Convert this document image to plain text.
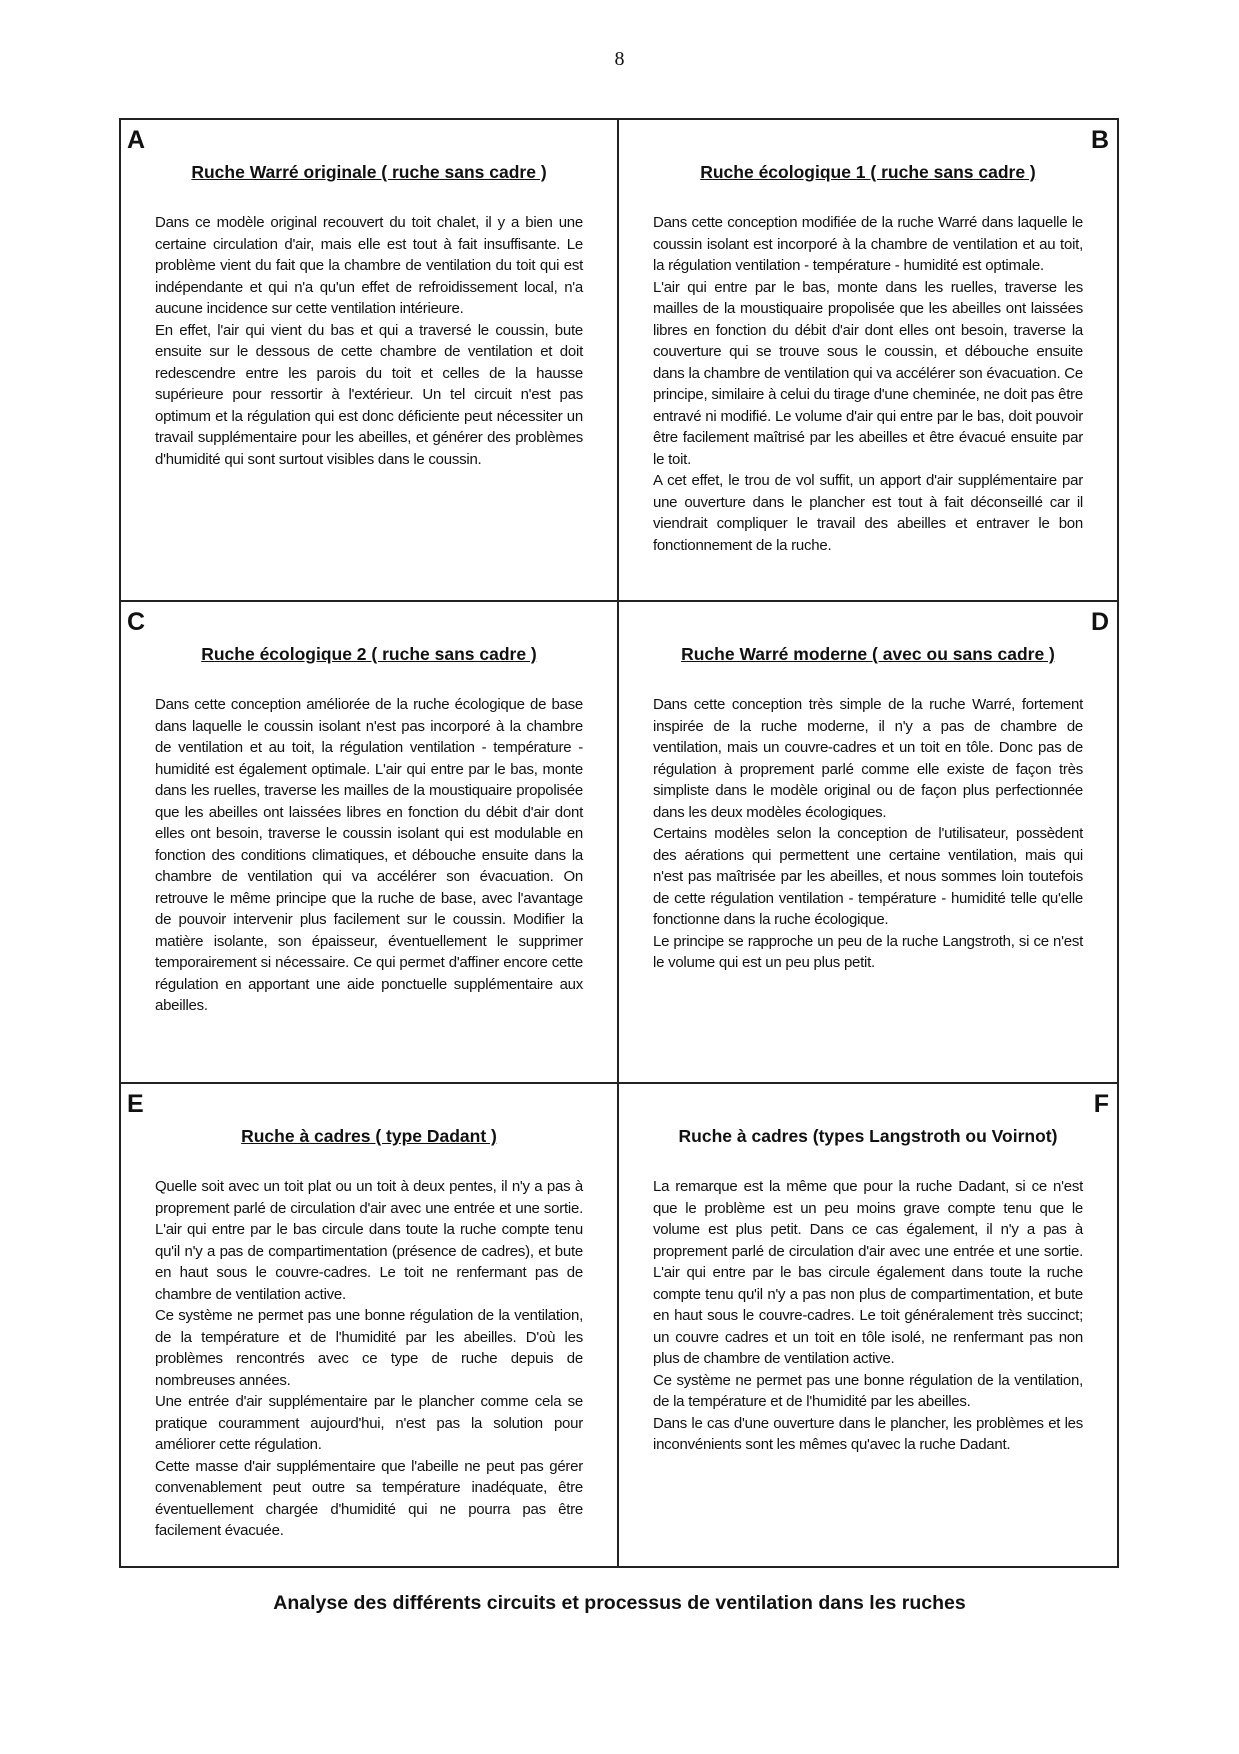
8
A
Ruche Warré originale ( ruche sans cadre )

Dans ce modèle original recouvert du toit chalet, il y a bien une certaine circulation d'air, mais elle est tout à fait insuffisante. Le problème vient du fait que la chambre de ventilation du toit qui est indépendante et qui n'a qu'un effet de refroidissement local, n'a aucune incidence sur cette ventilation intérieure.

En effet, l'air qui vient du bas et qui a traversé le coussin, bute ensuite sur le dessous de cette chambre de ventilation et doit redescendre entre les parois du toit et celles de la hausse supérieure pour ressortir à l'extérieur. Un tel circuit n'est pas optimum et la régulation qui est donc déficiente peut nécessiter un travail supplémentaire pour les abeilles, et générer des problèmes d'humidité qui sont surtout visibles dans le coussin.

B
Ruche écologique 1 ( ruche sans cadre )

Dans cette conception modifiée de la ruche Warré dans laquelle le coussin isolant est incorporé à la chambre de ventilation et au toit, la régulation ventilation - température - humidité est optimale.

L'air qui entre par le bas, monte dans les ruelles, traverse les mailles de la moustiquaire propolisée que les abeilles ont laissées libres en fonction du débit d'air dont elles ont besoin, traverse la couverture qui se trouve sous le coussin, et débouche ensuite dans la chambre de ventilation qui va accélérer son évacuation. Ce principe, similaire à celui du tirage d'une cheminée, ne doit pas être entravé ni modifié. Le volume d'air qui entre par le bas, doit pouvoir être facilement maîtrisé par les abeilles et être évacué ensuite par le toit.

A cet effet, le trou de vol suffit, un apport d'air supplémentaire par une ouverture dans le plancher est tout à fait déconseillé car il viendrait compliquer le travail des abeilles et entraver le bon fonctionnement de la ruche.

C
Ruche écologique 2 ( ruche sans cadre )

Dans cette conception améliorée de la ruche écologique de base dans laquelle le coussin isolant n'est pas incorporé à la chambre de ventilation et au toit, la régulation ventilation - température - humidité est également optimale. L'air qui entre par le bas, monte dans les ruelles, traverse les mailles de la moustiquaire propolisée que les abeilles ont laissées libres en fonction du débit d'air dont elles ont besoin, traverse le coussin isolant qui est modulable en fonction des conditions climatiques, et débouche ensuite dans la chambre de ventilation qui va accélérer son évacuation. On retrouve le même principe que la ruche de base, avec l'avantage de pouvoir intervenir plus facilement sur le coussin. Modifier la matière isolante, son épaisseur, éventuellement le supprimer temporairement si nécessaire. Ce qui permet d'affiner encore cette régulation en apportant une aide ponctuelle supplémentaire aux abeilles.

D
Ruche Warré moderne ( avec ou sans cadre )

Dans cette conception très simple de la ruche Warré, fortement inspirée de la ruche moderne, il n'y a pas de chambre de ventilation, mais un couvre-cadres et un toit en tôle. Donc pas de régulation à proprement parlé comme elle existe de façon très simpliste dans le modèle original ou de façon plus perfectionnée dans les deux modèles écologiques.

Certains modèles selon la conception de l'utilisateur, possèdent des aérations qui permettent une certaine ventilation, mais qui n'est pas maîtrisée par les abeilles, et nous sommes loin toutefois de cette régulation ventilation - température - humidité telle qu'elle fonctionne dans la ruche écologique.

Le principe se rapproche un peu de la ruche Langstroth, si ce n'est le volume qui est un peu plus petit.

E
Ruche à cadres ( type Dadant )

Quelle soit avec un toit plat ou un toit à deux pentes, il n'y a pas à proprement parlé de circulation d'air avec une entrée et une sortie. L'air qui entre par le bas circule dans toute la ruche compte tenu qu'il n'y a pas de compartimentation (présence de cadres), et bute en haut sous le couvre-cadres. Le toit ne renfermant pas de chambre de ventilation active.

Ce système ne permet pas une bonne régulation de la ventilation, de la température et de l'humidité par les abeilles. D'où les problèmes rencontrés avec ce type de ruche depuis de nombreuses années.

Une entrée d'air supplémentaire par le plancher comme cela se pratique couramment aujourd'hui, n'est pas la solution pour améliorer cette régulation.

Cette masse d'air supplémentaire que l'abeille ne peut pas gérer convenablement peut outre sa température inadéquate, être éventuellement chargée d'humidité qui ne pourra pas être facilement évacuée.

F
Ruche à cadres (types Langstroth ou Voirnot)

La remarque est la même que pour la ruche Dadant, si ce n'est que le problème est un peu moins grave compte tenu que le volume est plus petit. Dans ce cas également, il n'y a pas à proprement parlé de circulation d'air avec une entrée et une sortie. L'air qui entre par le bas circule également dans toute la ruche compte tenu qu'il n'y a pas non plus de compartimentation, et bute en haut sous le couvre-cadres. Le toit généralement très succinct; un couvre cadres et un toit en tôle isolé, ne renfermant pas non plus de chambre de ventilation active.

Ce système ne permet pas une bonne régulation de la ventilation, de la température et de l'humidité par les abeilles.

Dans le cas d'une ouverture dans le plancher, les problèmes et les inconvénients sont les mêmes qu'avec la ruche Dadant.

Analyse des différents circuits et processus de ventilation dans les ruches
